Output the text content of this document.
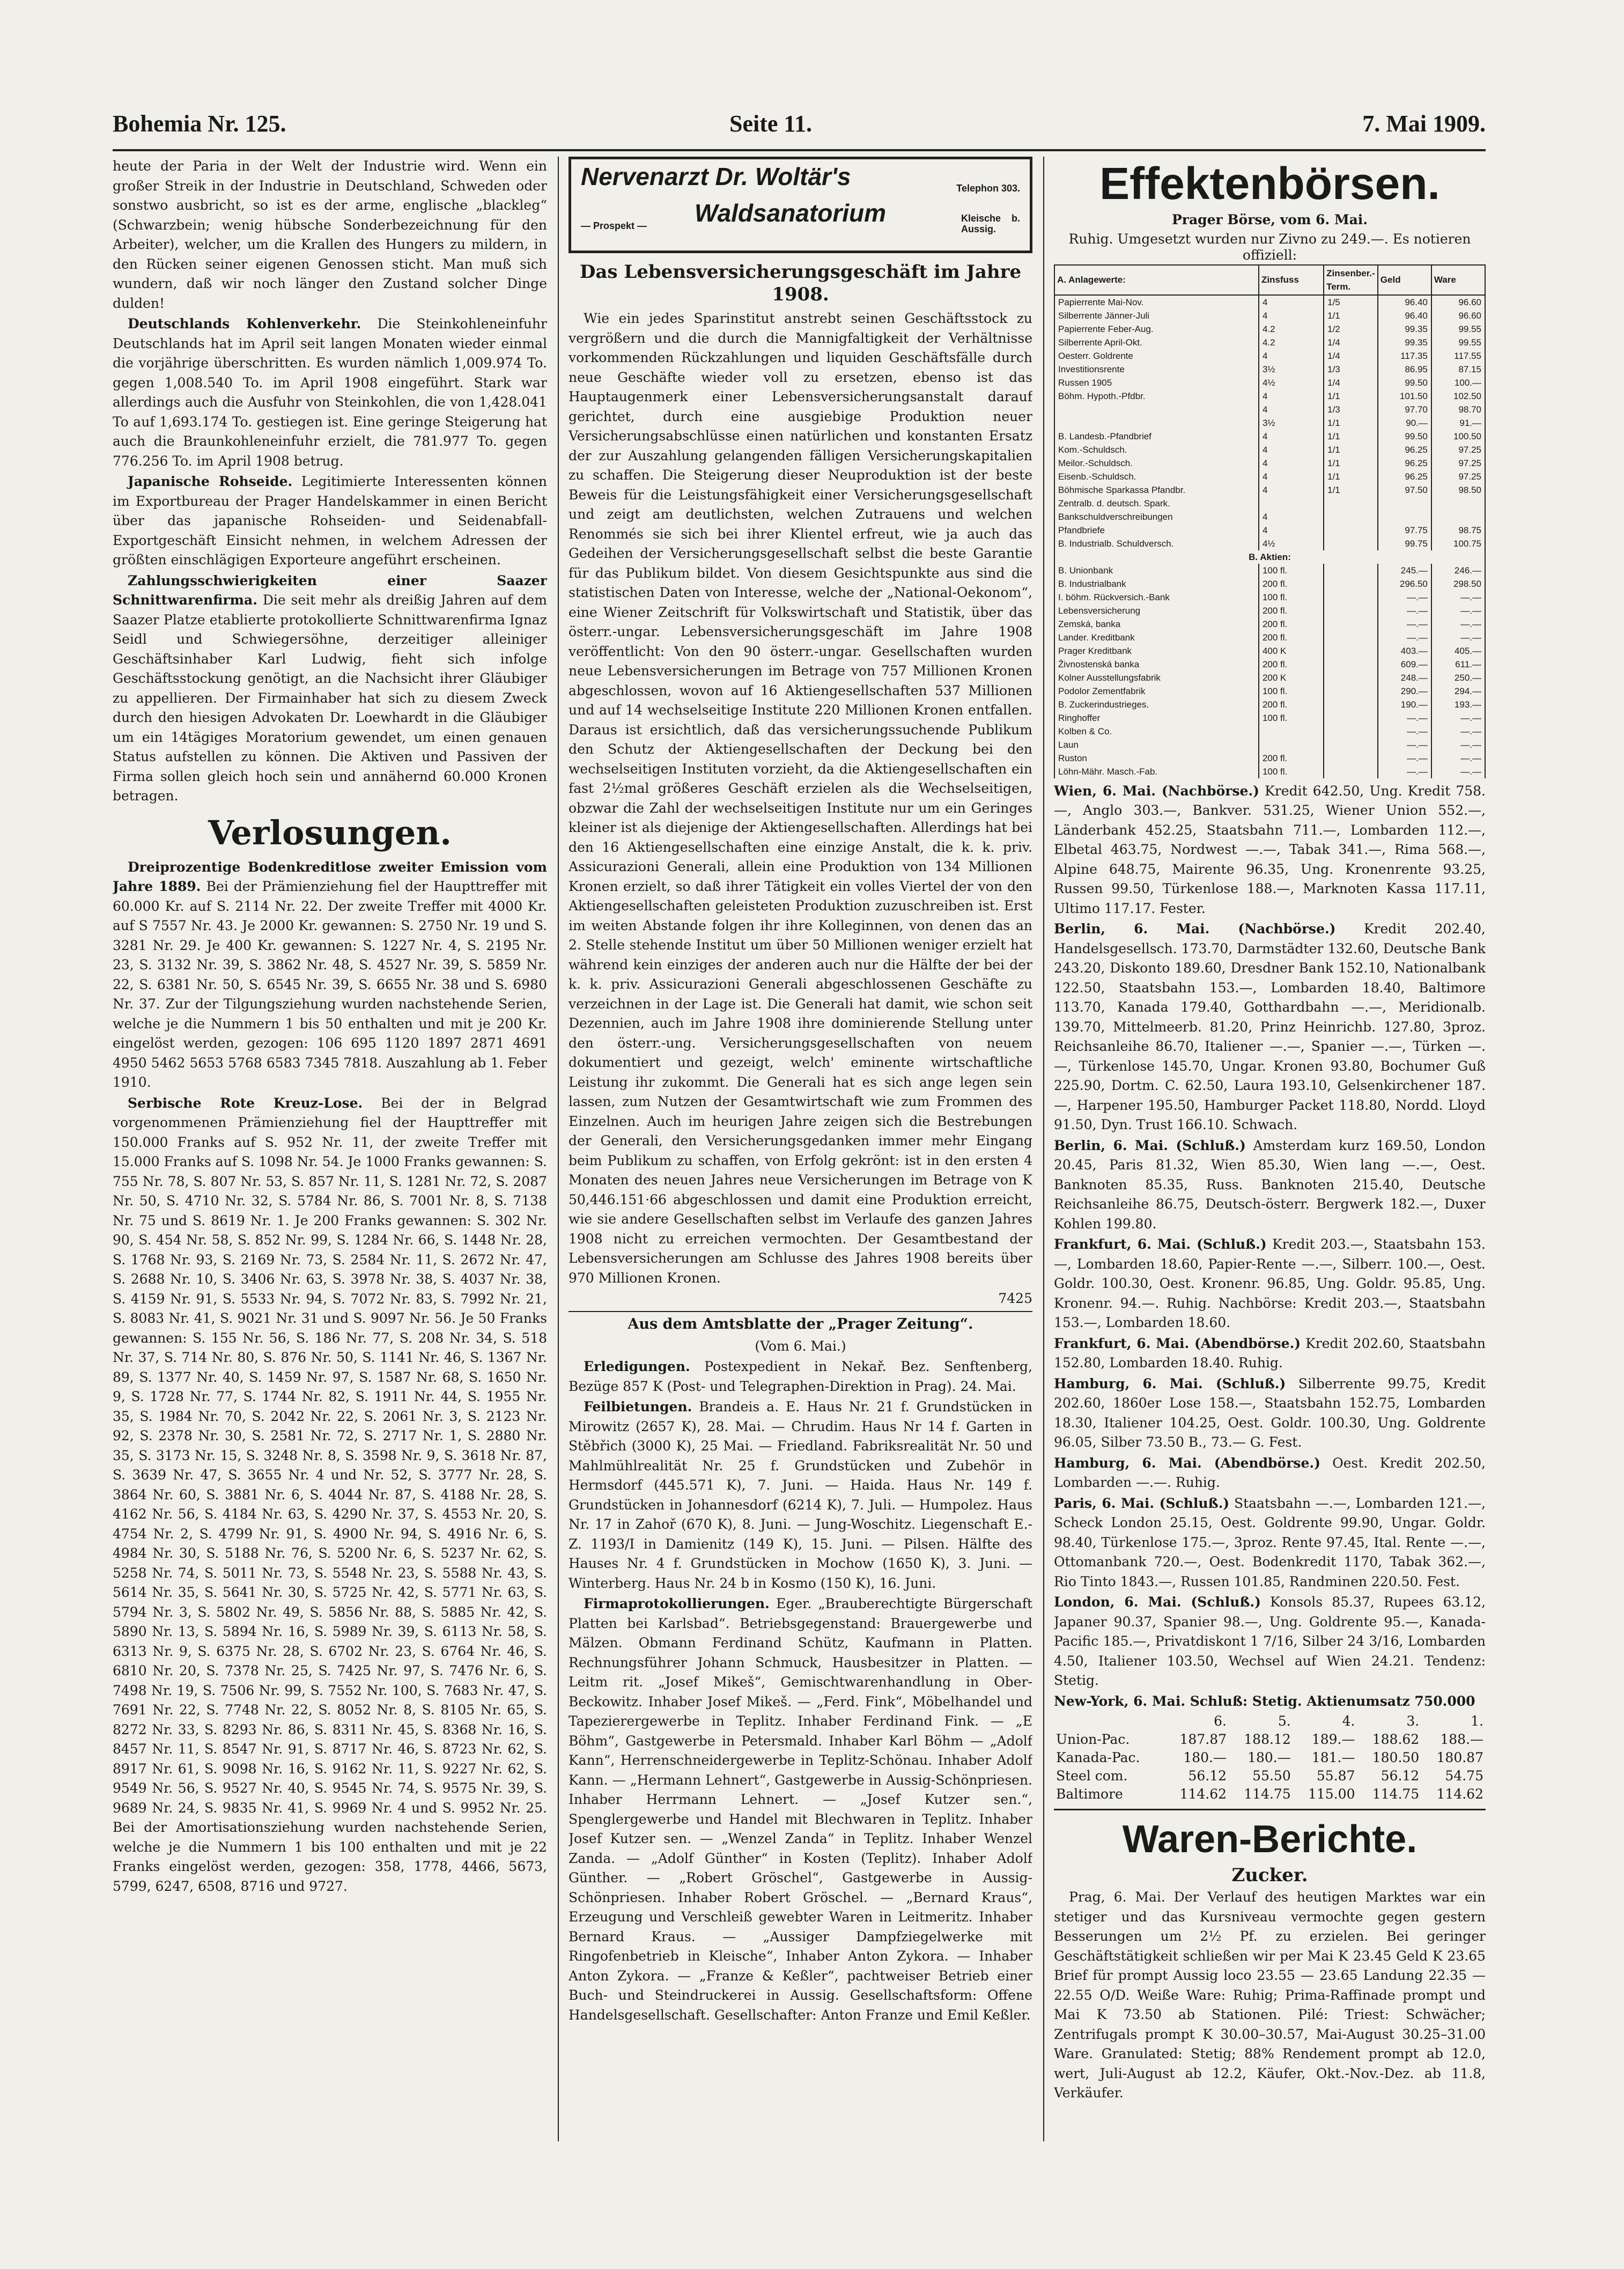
Bohemia Nr. 125.	Seite 11.	7. Mai 1909.

heute der Paria in der Welt der Industrie wird. Wenn ein großer Streik in der Industrie in Deutschland, Schweden oder sonstwo ausbricht, so ist es der arme, englische „blackleg“ (Schwarzbein; wenig hübsche Sonderbezeichnung für den Arbeiter), welcher, um die Krallen des Hungers zu mildern, in den Rücken seiner eigenen Genossen sticht. Man muß sich wundern, daß wir noch länger den Zustand solcher Dinge dulden!

Deutschlands Kohlenverkehr. Die Steinkohleneinfuhr Deutschlands hat im April seit langen Monaten wieder einmal die vorjährige überschritten. Es wurden nämlich 1,009.974 To. gegen 1,008.540 To. im April 1908 eingeführt. Stark war allerdings auch die Ausfuhr von Steinkohlen, die von 1,428.041 To auf 1,693.174 To. gestiegen ist. Eine geringe Steigerung hat auch die Braunkohleneinfuhr erzielt, die 781.977 To. gegen 776.256 To. im April 1908 betrug.

Japanische Rohseide. Legitimierte Interessenten können im Exportbureau der Prager Handelskammer in einen Bericht über das japanische Rohseiden- und Seidenabfall-Exportgeschäft Einsicht nehmen, in welchem Adressen der größten einschlägigen Exporteure angeführt erscheinen.

Zahlungsschwierigkeiten einer Saazer Schnittwarenfirma. Die seit mehr als dreißig Jahren auf dem Saazer Platze etablierte protokollierte Schnittwarenfirma Ignaz Seidl und Schwiegersöhne, derzeitiger alleiniger Geschäftsinhaber Karl Ludwig, fieht sich infolge Geschäftsstockung genötigt, an die Nachsicht ihrer Gläubiger zu appellieren. Der Firmainhaber hat sich zu diesem Zweck durch den hiesigen Advokaten Dr. Loewhardt in die Gläubiger um ein 14tägiges Moratorium gewendet, um einen genauen Status aufstellen zu können. Die Aktiven und Passiven der Firma sollen gleich hoch sein und annähernd 60.000 Kronen betragen.

Verlosungen.

Dreiprozentige Bodenkreditlose zweiter Emission vom Jahre 1889. Bei der Prämienziehung fiel der Haupttreffer mit 60.000 Kr. auf S. 2114 Nr. 22. Der zweite Treffer mit 4000 Kr. auf S 7557 Nr. 43. Je 2000 Kr. gewannen: S. 2750 Nr. 19 und S. 3281 Nr. 29. Je 400 Kr. gewannen: S. 1227 Nr. 4, S. 2195 Nr. 23, S. 3132 Nr. 39, S. 3862 Nr. 48, S. 4527 Nr. 39, S. 5859 Nr. 22, S. 6381 Nr. 50, S. 6545 Nr. 39, S. 6655 Nr. 38 und S. 6980 Nr. 37. Zur der Tilgungsziehung wurden nachstehende Serien, welche je die Nummern 1 bis 50 enthalten und mit je 200 Kr. eingelöst werden, gezogen: 106 695 1120 1897 2871 4691 4950 5462 5653 5768 6583 7345 7818. Auszahlung ab 1. Feber 1910.

Serbische Rote Kreuz-Lose. Bei der in Belgrad vorgenommenen Prämienziehung fiel der Haupttreffer mit 150.000 Franks auf S. 952 Nr. 11, der zweite Treffer mit 15.000 Franks auf S. 1098 Nr. 54. Je 1000 Franks gewannen: S. 755 Nr. 78, S. 807 Nr. 53, S. 857 Nr. 11, S. 1281 Nr. 72, S. 2087 Nr. 50, S. 4710 Nr. 32, S. 5784 Nr. 86, S. 7001 Nr. 8, S. 7138 Nr. 75 und S. 8619 Nr. 1. Je 200 Franks gewannen: S. 302 Nr. 90, S. 454 Nr. 58, S. 852 Nr. 99, S. 1284 Nr. 66, S. 1448 Nr. 28, S. 1768 Nr. 93, S. 2169 Nr. 73, S. 2584 Nr. 11, S. 2672 Nr. 47, S. 2688 Nr. 10, S. 3406 Nr. 63, S. 3978 Nr. 38, S. 4037 Nr. 38, S. 4159 Nr. 91, S. 5533 Nr. 94, S. 7072 Nr. 83, S. 7992 Nr. 21, S. 8083 Nr. 41, S. 9021 Nr. 31 und S. 9097 Nr. 56. Je 50 Franks gewannen: S. 155 Nr. 56, S. 186 Nr. 77, S. 208 Nr. 34, S. 518 Nr. 37, S. 714 Nr. 80, S. 876 Nr. 50, S. 1141 Nr. 46, S. 1367 Nr. 89, S. 1377 Nr. 40, S. 1459 Nr. 97, S. 1587 Nr. 68, S. 1650 Nr. 9, S. 1728 Nr. 77, S. 1744 Nr. 82, S. 1911 Nr. 44, S. 1955 Nr. 35, S. 1984 Nr. 70, S. 2042 Nr. 22, S. 2061 Nr. 3, S. 2123 Nr. 92, S. 2378 Nr. 30, S. 2581 Nr. 72, S. 2717 Nr. 1, S. 2880 Nr. 35, S. 3173 Nr. 15, S. 3248 Nr. 8, S. 3598 Nr. 9, S. 3618 Nr. 87, S. 3639 Nr. 47, S. 3655 Nr. 4 und Nr. 52, S. 3777 Nr. 28, S. 3864 Nr. 60, S. 3881 Nr. 6, S. 4044 Nr. 87, S. 4188 Nr. 28, S. 4162 Nr. 56, S. 4184 Nr. 63, S. 4290 Nr. 37, S. 4553 Nr. 20, S. 4754 Nr. 2, S. 4799 Nr. 91, S. 4900 Nr. 94, S. 4916 Nr. 6, S. 4984 Nr. 30, S. 5188 Nr. 76, S. 5200 Nr. 6, S. 5237 Nr. 62, S. 5258 Nr. 74, S. 5011 Nr. 73, S. 5548 Nr. 23, S. 5588 Nr. 43, S. 5614 Nr. 35, S. 5641 Nr. 30, S. 5725 Nr. 42, S. 5771 Nr. 63, S. 5794 Nr. 3, S. 5802 Nr. 49, S. 5856 Nr. 88, S. 5885 Nr. 42, S. 5890 Nr. 13, S. 5894 Nr. 16, S. 5989 Nr. 39, S. 6113 Nr. 58, S. 6313 Nr. 9, S. 6375 Nr. 28, S. 6702 Nr. 23, S. 6764 Nr. 46, S. 6810 Nr. 20, S. 7378 Nr. 25, S. 7425 Nr. 97, S. 7476 Nr. 6, S. 7498 Nr. 19, S. 7506 Nr. 99, S. 7552 Nr. 100, S. 7683 Nr. 47, S. 7691 Nr. 22, S. 7748 Nr. 22, S. 8052 Nr. 8, S. 8105 Nr. 65, S. 8272 Nr. 33, S. 8293 Nr. 86, S. 8311 Nr. 45, S. 8368 Nr. 16, S. 8457 Nr. 11, S. 8547 Nr. 91, S. 8717 Nr. 46, S. 8723 Nr. 62, S. 8917 Nr. 61, S. 9098 Nr. 16, S. 9162 Nr. 11, S. 9227 Nr. 62, S. 9549 Nr. 56, S. 9527 Nr. 40, S. 9545 Nr. 74, S. 9575 Nr. 39, S. 9689 Nr. 24, S. 9835 Nr. 41, S. 9969 Nr. 4 und S. 9952 Nr. 25. Bei der Amortisationsziehung wurden nachstehende Serien, welche je die Nummern 1 bis 100 enthalten und mit je 22 Franks eingelöst werden, gezogen: 358, 1778, 4466, 5673, 5799, 6247, 6508, 8716 und 9727.

Nervenarzt Dr. Woltär's	Telephon 303.
— Prospekt — Waldsanatorium	Kleische b. Aussig.
Das Lebensversicherungsgeschäft im Jahre 1908.

Wie ein jedes Sparinstitut anstrebt seinen Geschäftsstock zu vergrößern und die durch die Mannigfaltigkeit der Verhältnisse vorkommenden Rückzahlungen und liquiden Geschäftsfälle durch neue Geschäfte wieder voll zu ersetzen, ebenso ist das Hauptaugenmerk einer Lebensversicherungsanstalt darauf gerichtet, durch eine ausgiebige Produktion neuer Versicherungsabschlüsse einen natürlichen und konstanten Ersatz der zur Auszahlung gelangenden fälligen Versicherungskapitalien zu schaffen. Die Steigerung dieser Neuproduktion ist der beste Beweis für die Leistungsfähigkeit einer Versicherungsgesellschaft und zeigt am deutlichsten, welchen Zutrauens und welchen Renommés sie sich bei ihrer Klientel erfreut, wie ja auch das Gedeihen der Versicherungsgesellschaft selbst die beste Garantie für das Publikum bildet. Von diesem Gesichtspunkte aus sind die statistischen Daten von Interesse, welche der „National-Oekonom“, eine Wiener Zeitschrift für Volkswirtschaft und Statistik, über das österr.-ungar. Lebensversicherungsgeschäft im Jahre 1908 veröffentlicht: Von den 90 österr.-ungar. Gesellschaften wurden neue Lebensversicherungen im Betrage von 757 Millionen Kronen abgeschlossen, wovon auf 16 Aktiengesellschaften 537 Millionen und auf 14 wechselseitige Institute 220 Millionen Kronen entfallen. Daraus ist ersichtlich, daß das versicherungssuchende Publikum den Schutz der Aktiengesellschaften der Deckung bei den wechselseitigen Instituten vorzieht, da die Aktiengesellschaften ein fast 2½mal größeres Geschäft erzielen als die Wechselseitigen, obzwar die Zahl der wechselseitigen Institute nur um ein Geringes kleiner ist als diejenige der Aktiengesellschaften. Allerdings hat bei den 16 Aktiengesellschaften eine einzige Anstalt, die k. k. priv. Assicurazioni Generali, allein eine Produktion von 134 Millionen Kronen erzielt, so daß ihrer Tätigkeit ein volles Viertel der von den Aktiengesellschaften geleisteten Produktion zuzuschreiben ist. Erst im weiten Abstande folgen ihr ihre Kolleginnen, von denen das an 2. Stelle stehende Institut um über 50 Millionen weniger erzielt hat während kein einziges der anderen auch nur die Hälfte der bei der k. k. priv. Assicurazioni Generali abgeschlossenen Geschäfte zu verzeichnen in der Lage ist. Die Generali hat damit, wie schon seit Dezennien, auch im Jahre 1908 ihre dominierende Stellung unter den österr.-ung. Versicherungsgesellschaften von neuem dokumentiert und gezeigt, welch' eminente wirtschaftliche Leistung ihr zukommt. Die Generali hat es sich ange legen sein lassen, zum Nutzen der Gesamtwirtschaft wie zum Frommen des Einzelnen. Auch im heurigen Jahre zeigen sich die Bestrebungen der Generali, den Versicherungsgedanken immer mehr Eingang beim Publikum zu schaffen, von Erfolg gekrönt: ist in den ersten 4 Monaten des neuen Jahres neue Versicherungen im Betrage von K 50,446.151·66 abgeschlossen und damit eine Produktion erreicht, wie sie andere Gesellschaften selbst im Verlaufe des ganzen Jahres 1908 nicht zu erreichen vermochten. Der Gesamtbestand der Lebensversicherungen am Schlusse des Jahres 1908 bereits über 970 Millionen Kronen.

7425

Aus dem Amtsblatte der „Prager Zeitung“.

(Vom 6. Mai.)

Erledigungen. Postexpedient in Nekař. Bez. Senftenberg, Bezüge 857 K (Post- und Telegraphen-Direktion in Prag). 24. Mai.

Feilbietungen. Brandeis a. E. Haus Nr. 21 f. Grundstücken in Mirowitz (2657 K), 28. Mai. — Chrudim. Haus Nr 14 f. Garten in Stěbřich (3000 K), 25 Mai. — Friedland. Fabriksrealität Nr. 50 und Mahlmühlrealität Nr. 25 f. Grundstücken und Zubehör in Hermsdorf (445.571 K), 7. Juni. — Haida. Haus Nr. 149 f. Grundstücken in Johannesdorf (6214 K), 7. Juli. — Humpolez. Haus Nr. 17 in Zahoř (670 K), 8. Juni. — Jung-Woschitz. Liegenschaft E.-Z. 1193/I in Damienitz (149 K), 15. Juni. — Pilsen. Hälfte des Hauses Nr. 4 f. Grundstücken in Mochow (1650 K), 3. Juni. — Winterberg. Haus Nr. 24 b in Kosmo (150 K), 16. Juni.

Firmaprotokollierungen. Eger. „Brauberechtigte Bürgerschaft Platten bei Karlsbad“. Betriebsgegenstand: Brauergewerbe und Mälzen. Obmann Ferdinand Schütz, Kaufmann in Platten. Rechnungsführer Johann Schmuck, Hausbesitzer in Platten. — Leitm rit. „Josef Mikeš“, Gemischtwarenhandlung in Ober-Beckowitz. Inhaber Josef Mikeš. — „Ferd. Fink“, Möbelhandel und Tapezierergewerbe in Teplitz. Inhaber Ferdinand Fink. — „E Böhm“, Gastgewerbe in Petersmald. Inhaber Karl Böhm — „Adolf Kann“, Herrenschneidergewerbe in Teplitz-Schönau. Inhaber Adolf Kann. — „Hermann Lehnert“, Gastgewerbe in Aussig-Schönpriesen. Inhaber Herrmann Lehnert. — „Josef Kutzer sen.“, Spenglergewerbe und Handel mit Blechwaren in Teplitz. Inhaber Josef Kutzer sen. — „Wenzel Zanda“ in Teplitz. Inhaber Wenzel Zanda. — „Adolf Günther“ in Kosten (Teplitz). Inhaber Adolf Günther. — „Robert Gröschel“, Gastgewerbe in Aussig-Schönpriesen. Inhaber Robert Gröschel. — „Bernard Kraus“, Erzeugung und Verschleiß gewebter Waren in Leitmeritz. Inhaber Bernard Kraus. — „Aussiger Dampfziegelwerke mit Ringofenbetrieb in Kleische“, Inhaber Anton Zykora. — Inhaber Anton Zykora. — „Franze & Keßler“, pachtweiser Betrieb einer Buch- und Steindruckerei in Aussig. Gesellschaftsform: Offene Handelsgesellschaft. Gesellschafter: Anton Franze und Emil Keßler.

Effektenbörsen.

Prager Börse, vom 6. Mai.

Ruhig. Umgesetzt wurden nur Zivno zu 249.—. Es notieren offiziell:

A. Anlagewerte:	Zinsfuss	Zinsenber.-Term.	Geld	Ware
Papierrente Mai-Nov.	4	1/5	96.40	96.60
Silberrente Jänner-Juli	4	1/1	96.40	96.60
Papierrente Feber-Aug.	4.2	1/2	99.35	99.55
Silberrente April-Okt.	4.2	1/4	99.35	99.55
Oesterr. Goldrente	4	1/4	117.35	117.55
Investitionsrente	3½	1/3	86.95	87.15
Russen 1905	4½	1/4	99.50	100.—
Böhm. Hypoth.-Pfdbr.	4	1/1	101.50	102.50
	4	1/3	97.70	98.70
	3½	1/1	90.—	91.—
B. Landesb.-Pfandbrief	4	1/1	99.50	100.50
Kom.-Schuldsch.	4	1/1	96.25	97.25
Meilor.-Schuldsch.	4	1/1	96.25	97.25
Eisenb.-Schuldsch.	4	1/1	96.25	97.25
Böhmische Sparkassa Pfandbr.	4	1/1	97.50	98.50
Zentralb. d. deutsch. Spark.				
Bankschuldverschreibungen	4			
Pfandbriefe	4		97.75	98.75
B. Industrialb. Schuldversch.	4½		99.75	100.75
B. Aktien:				
B. Unionbank	100 fl.		245.—	246.—
B. Industrialbank	200 fl.		296.50	298.50
I. böhm. Rückversich.-Bank	100 fl.		—.—	—.—
Lebensversicherung	200 fl.		—.—	—.—
Zemská, banka	200 fl.		—.—	—.—
Lander. Kreditbank	200 fl.		—.—	—.—
Prager Kreditbank	400 K		403.—	405.—
Živnostenská banka	200 fl.		609.—	611.—
Kolner Ausstellungsfabrik	200 K		248.—	250.—
Podolor Zementfabrik	100 fl.		290.—	294.—
B. Zuckerindustrieges.	200 fl.		190.—	193.—
Ringhoffer	100 fl.		—.—	—.—
Kolben & Co.			—.—	—.—
Laun			—.—	—.—
Ruston	200 fl.		—.—	—.—
Löhn-Mähr. Masch.-Fab.	100 fl.		—.—	—.—

Wien, 6. Mai. (Nachbörse.) Kredit 642.50, Ung. Kredit 758.—, Anglo 303.—, Bankver. 531.25, Wiener Union 552.—, Länderbank 452.25, Staatsbahn 711.—, Lombarden 112.—, Elbetal 463.75, Nordwest —.—, Tabak 341.—, Rima 568.—, Alpine 648.75, Mairente 96.35, Ung. Kronenrente 93.25, Russen 99.50, Türkenlose 188.—, Marknoten Kassa 117.11, Ultimo 117.17. Fester.

Berlin, 6. Mai. (Nachbörse.) Kredit 202.40, Handelsgesellsch. 173.70, Darmstädter 132.60, Deutsche Bank 243.20, Diskonto 189.60, Dresdner Bank 152.10, Nationalbank 122.50, Staatsbahn 153.—, Lombarden 18.40, Baltimore 113.70, Kanada 179.40, Gotthardbahn —.—, Meridionalb. 139.70, Mittelmeerb. 81.20, Prinz Heinrichb. 127.80, 3proz. Reichsanleihe 86.70, Italiener —.—, Spanier —.—, Türken —.—, Türkenlose 145.70, Ungar. Kronen 93.80, Bochumer Guß 225.90, Dortm. C. 62.50, Laura 193.10, Gelsenkirchener 187.—, Harpener 195.50, Hamburger Packet 118.80, Nordd. Lloyd 91.50, Dyn. Trust 166.10. Schwach.

Berlin, 6. Mai. (Schluß.) Amsterdam kurz 169.50, London 20.45, Paris 81.32, Wien 85.30, Wien lang —.—, Oest. Banknoten 85.35, Russ. Banknoten 215.40, Deutsche Reichsanleihe 86.75, Deutsch-österr. Bergwerk 182.—, Duxer Kohlen 199.80.

Frankfurt, 6. Mai. (Schluß.) Kredit 203.—, Staatsbahn 153.—, Lombarden 18.60, Papier-Rente —.—, Silberr. 100.—, Oest. Goldr. 100.30, Oest. Kronenr. 96.85, Ung. Goldr. 95.85, Ung. Kronenr. 94.—. Ruhig. Nachbörse: Kredit 203.—, Staatsbahn 153.—, Lombarden 18.60.

Frankfurt, 6. Mai. (Abendbörse.) Kredit 202.60, Staatsbahn 152.80, Lombarden 18.40. Ruhig.

Hamburg, 6. Mai. (Schluß.) Silberrente 99.75, Kredit 202.60, 1860er Lose 158.—, Staatsbahn 152.75, Lombarden 18.30, Italiener 104.25, Oest. Goldr. 100.30, Ung. Goldrente 96.05, Silber 73.50 B., 73.— G. Fest.

Hamburg, 6. Mai. (Abendbörse.) Oest. Kredit 202.50, Lombarden —.—. Ruhig.

Paris, 6. Mai. (Schluß.) Staatsbahn —.—, Lombarden 121.—, Scheck London 25.15, Oest. Goldrente 99.90, Ungar. Goldr. 98.40, Türkenlose 175.—, 3proz. Rente 97.45, Ital. Rente —.—, Ottomanbank 720.—, Oest. Bodenkredit 1170, Tabak 362.—, Rio Tinto 1843.—, Russen 101.85, Randminen 220.50. Fest.

London, 6. Mai. (Schluß.) Konsols 85.37, Rupees 63.12, Japaner 90.37, Spanier 98.—, Ung. Goldrente 95.—, Kanada-Pacific 185.—, Privatdiskont 1 7/16, Silber 24 3/16, Lombarden 4.50, Italiener 103.50, Wechsel auf Wien 24.21. Tendenz: Stetig.

New-York, 6. Mai. Schluß: Stetig. Aktienumsatz 750.000

	6.	5.	4.	3.	1.
Union-Pac.	187.87	188.12	189.—	188.62	188.—
Kanada-Pac.	180.—	180.—	181.—	180.50	180.87
Steel com.	56.12	55.50	55.87	56.12	54.75
Baltimore	114.62	114.75	115.00	114.75	114.62
Waren-Berichte.
Zucker.

Prag, 6. Mai. Der Verlauf des heutigen Marktes war ein stetiger und das Kursniveau vermochte gegen gestern Besserungen um 2½ Pf. zu erzielen. Bei geringer Geschäftstätigkeit schließen wir per Mai K 23.45 Geld K 23.65 Brief für prompt Aussig loco 23.55 — 23.65 Landung 22.35 — 22.55 O/D. Weiße Ware: Ruhig; Prima-Raffinade prompt und Mai K 73.50 ab Stationen. Pilé: Triest: Schwächer; Zentrifugals prompt K 30.00–30.57, Mai-August 30.25–31.00 Ware. Granulated: Stetig; 88% Rendement prompt ab 12.0, wert, Juli-August ab 12.2, Käufer, Okt.-Nov.-Dez. ab 11.8, Verkäufer.
